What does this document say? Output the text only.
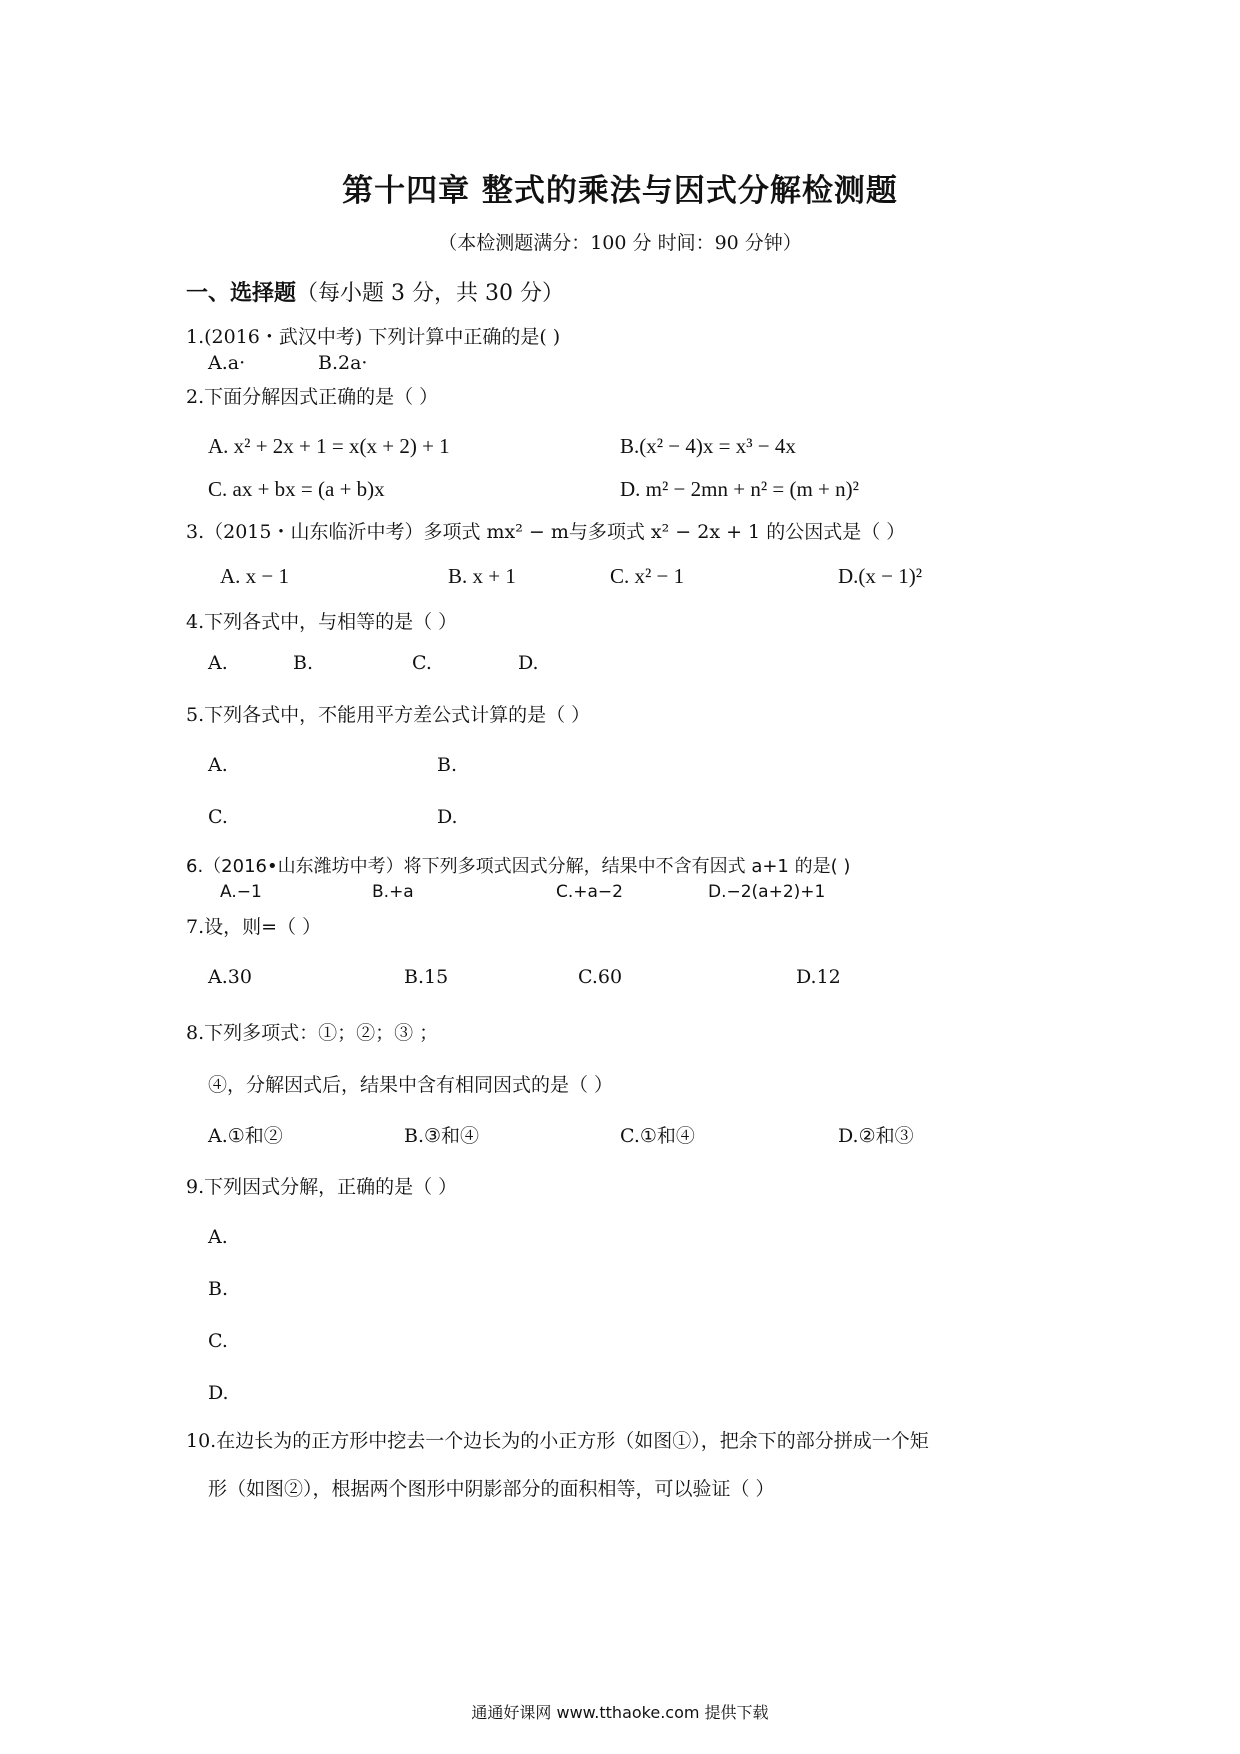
第十四章 整式的乘法与因式分解检测题
（本检测题满分：100 分 时间：90 分钟）
一、选择题（每小题 3 分，共 30 分）
1.(2016・武汉中考) 下列计算中正确的是( )
A.a·	B.2a·
2.下面分解因式正确的是（ ）
A. x² + 2x + 1 = x(x + 2) + 1	B.(x² − 4)x = x³ − 4x
C. ax + bx = (a + b)x	D. m² − 2mn + n² = (m + n)²
3.（2015・山东临沂中考）多项式 mx² − m与多项式 x² − 2x + 1 的公因式是（ ）
A. x − 1	B. x + 1	C. x² − 1	D.(x − 1)²
4.下列各式中，与相等的是（ ）
A.	B.	C.	D.
5.下列各式中，不能用平方差公式计算的是（ ）
A.	B.
C.	D.
6.（2016•山东潍坊中考）将下列多项式因式分解，结果中不含有因式 a+1 的是( )
A.−1	B.+a	C.+a−2	D.−2(a+2)+1
7.设，则=（ ）
A.30	B.15	C.60	D.12
8.下列多项式：①；②；③ ；
④，分解因式后，结果中含有相同因式的是（ ）
A.①和②	B.③和④	C.①和④	D.②和③
9.下列因式分解，正确的是（ ）
A.
B.
C.
D.
10.在边长为的正方形中挖去一个边长为的小正方形（如图①），把余下的部分拼成一个矩
形（如图②），根据两个图形中阴影部分的面积相等，可以验证（ ）
通通好课网 www.tthaoke.com 提供下载
